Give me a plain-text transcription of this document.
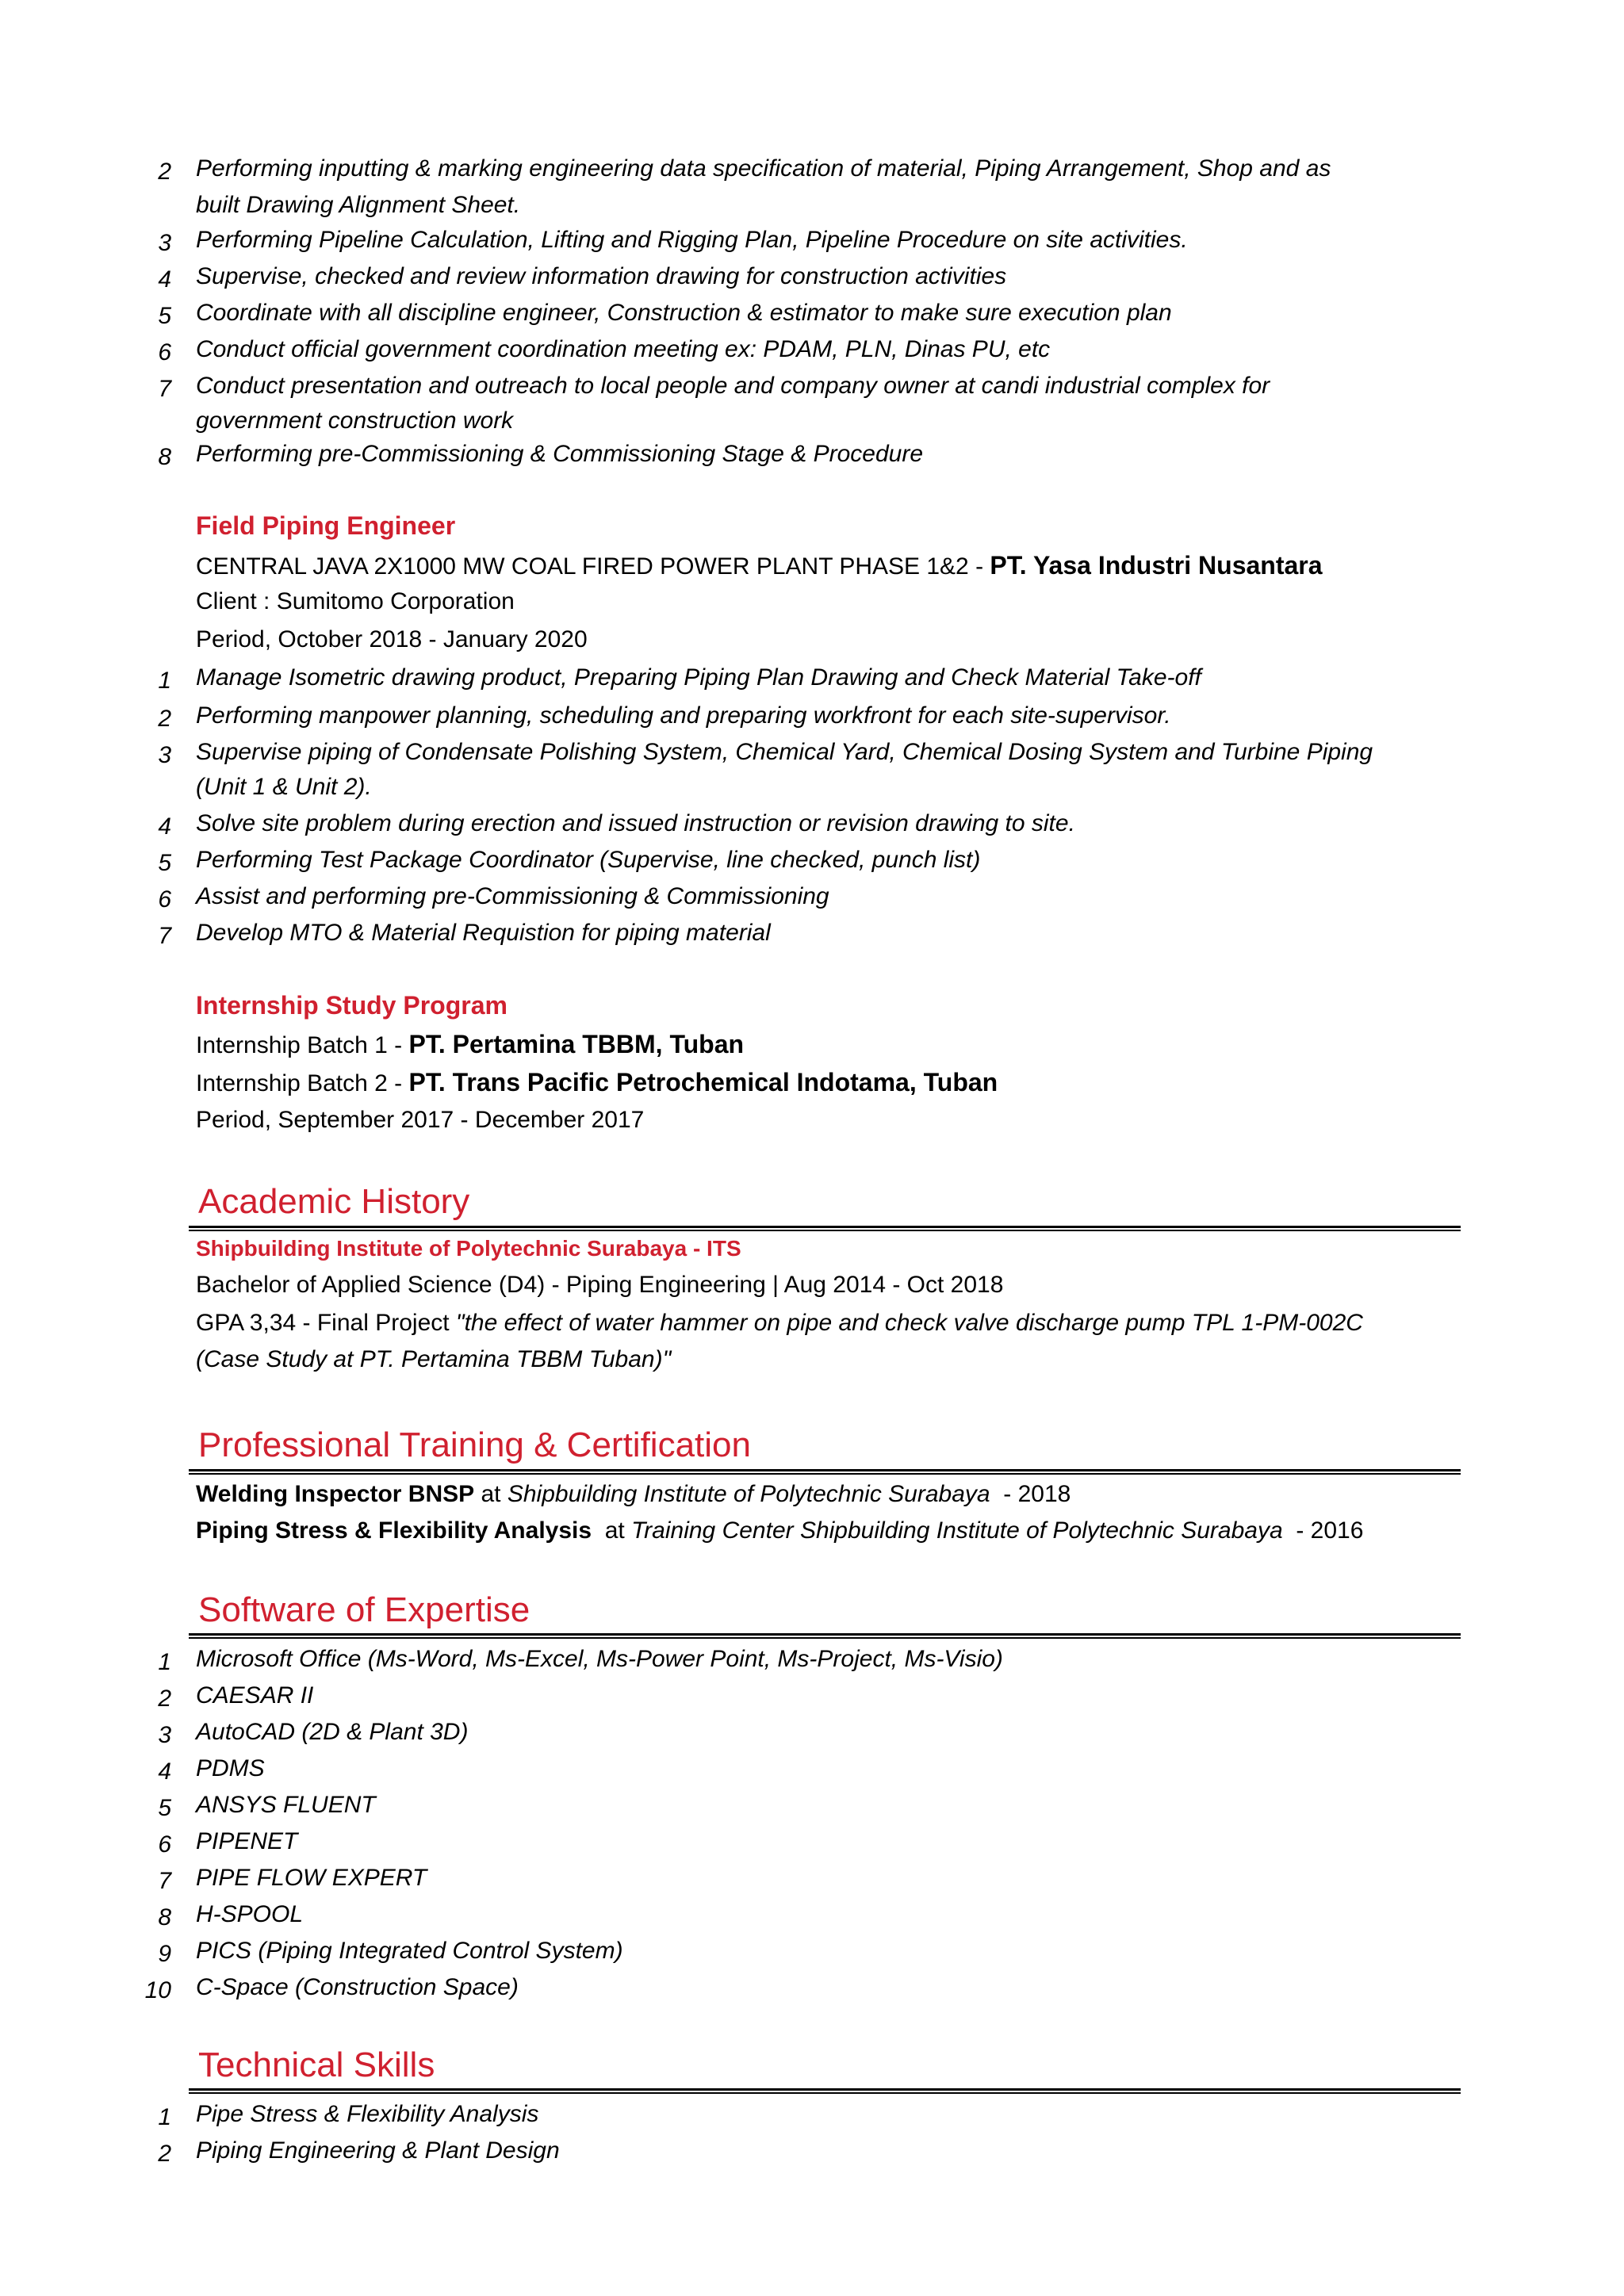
2 Performing inputting & marking engineering data specification of material, Piping Arrangement, Shop and as
built Drawing Alignment Sheet.
3 Performing Pipeline Calculation, Lifting and Rigging Plan, Pipeline Procedure on site activities.
4 Supervise, checked and review information drawing for construction activities
5 Coordinate with all discipline engineer, Construction & estimator to make sure execution plan
6 Conduct official government coordination meeting ex: PDAM, PLN, Dinas PU, etc
7 Conduct presentation and outreach to local people and company owner at candi industrial complex for
government construction work
8 Performing pre-Commissioning & Commissioning Stage & Procedure
Field Piping Engineer
CENTRAL JAVA 2X1000 MW COAL FIRED POWER PLANT PHASE 1&2 - PT. Yasa Industri Nusantara
Client : Sumitomo Corporation
Period, October 2018 - January 2020
1 Manage Isometric drawing product, Preparing Piping Plan Drawing and Check Material Take-off
2 Performing manpower planning, scheduling and preparing workfront for each site-supervisor.
3 Supervise piping of Condensate Polishing System, Chemical Yard, Chemical Dosing System and Turbine Piping
(Unit 1 & Unit 2).
4 Solve site problem during erection and issued instruction or revision drawing to site.
5 Performing Test Package Coordinator (Supervise, line checked, punch list)
6 Assist and performing pre-Commissioning & Commissioning
7 Develop MTO & Material Requistion for piping material
Internship Study Program
Internship Batch 1 - PT. Pertamina TBBM, Tuban
Internship Batch 2 - PT. Trans Pacific Petrochemical Indotama, Tuban
Period, September 2017 - December 2017
Academic History
Shipbuilding Institute of Polytechnic Surabaya - ITS
Bachelor of Applied Science (D4) - Piping Engineering | Aug 2014 - Oct 2018
GPA 3,34 - Final Project "the effect of water hammer on pipe and check valve discharge pump TPL 1-PM-002C
(Case Study at PT. Pertamina TBBM Tuban)"
Professional Training & Certification
Welding Inspector BNSP at Shipbuilding Institute of Polytechnic Surabaya  - 2018
Piping Stress & Flexibility Analysis  at Training Center Shipbuilding Institute of Polytechnic Surabaya  - 2016
Software of Expertise
1 Microsoft Office (Ms-Word, Ms-Excel, Ms-Power Point, Ms-Project, Ms-Visio)
2 CAESAR II
3 AutoCAD (2D & Plant 3D)
4 PDMS
5 ANSYS FLUENT
6 PIPENET
7 PIPE FLOW EXPERT
8 H-SPOOL
9 PICS (Piping Integrated Control System)
10 C-Space (Construction Space)
Technical Skills
1 Pipe Stress & Flexibility Analysis
2 Piping Engineering & Plant Design
